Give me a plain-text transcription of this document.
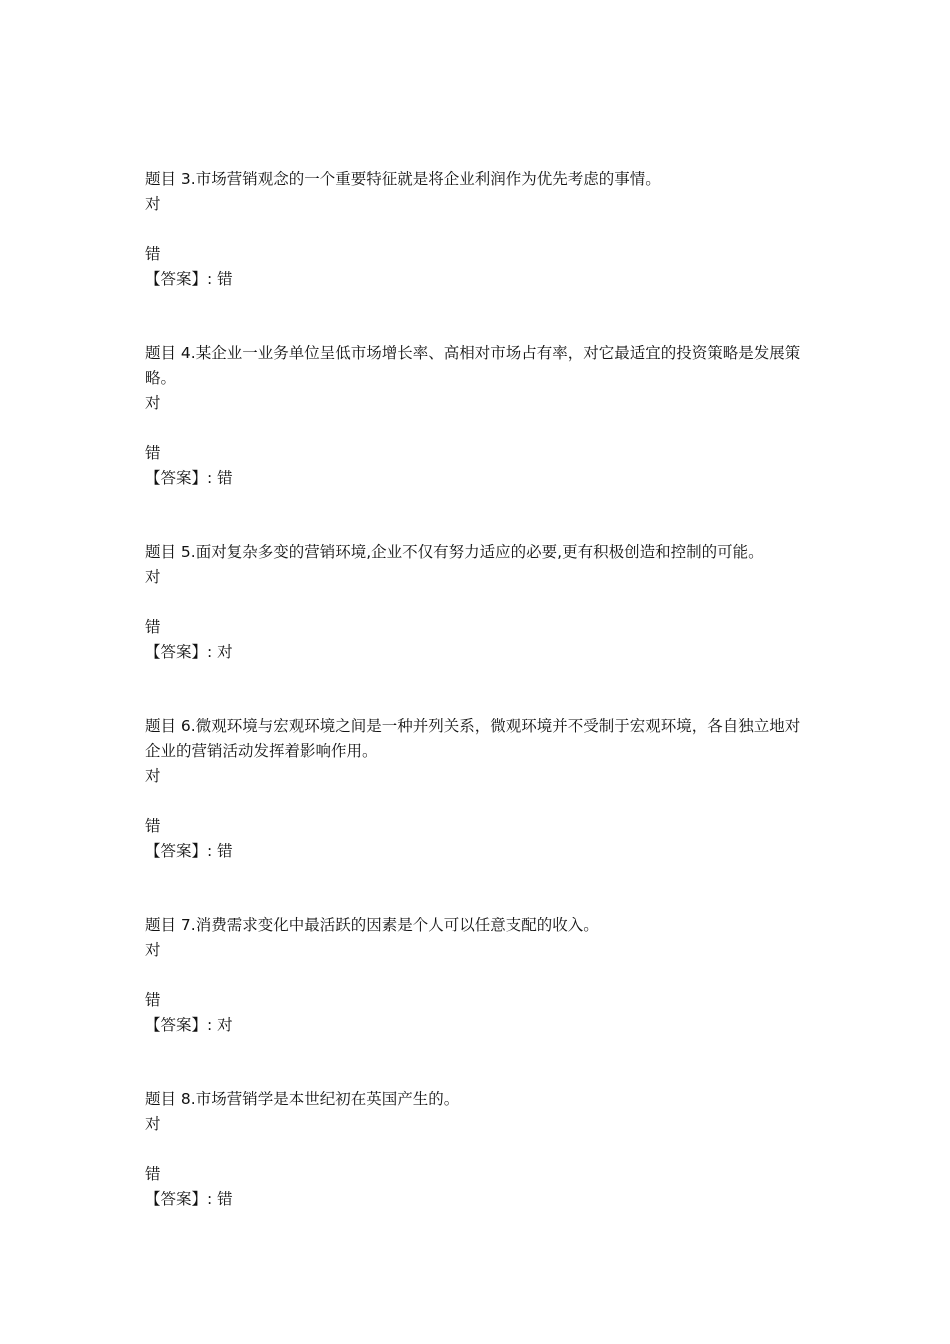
题目 3.市场营销观念的一个重要特征就是将企业利润作为优先考虑的事情。
对
错
【答案】: 错
题目 4.某企业一业务单位呈低市场增长率、高相对市场占有率，对它最适宜的投资策略是发展策略。
对
错
【答案】: 错
题目 5.面对复杂多变的营销环境,企业不仅有努力适应的必要,更有积极创造和控制的可能。
对
错
【答案】: 对
题目 6.微观环境与宏观环境之间是一种并列关系，微观环境并不受制于宏观环境，各自独立地对企业的营销活动发挥着影响作用。
对
错
【答案】: 错
题目 7.消费需求变化中最活跃的因素是个人可以任意支配的收入。
对
错
【答案】: 对
题目 8.市场营销学是本世纪初在英国产生的。
对
错
【答案】: 错
